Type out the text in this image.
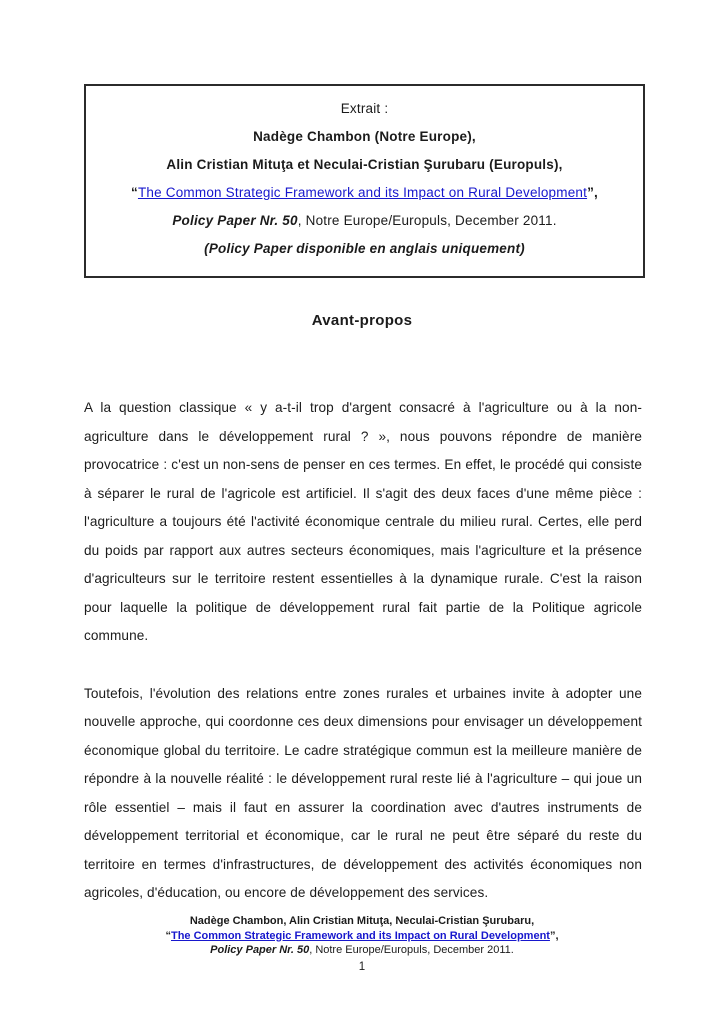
Extrait :
Nadège Chambon (Notre Europe),
Alin Cristian Mituţa et Neculai-Cristian Şurubaru (Europuls),
“The Common Strategic Framework and its Impact on Rural Development”,
Policy Paper Nr. 50, Notre Europe/Europuls, December 2011.
(Policy Paper disponible en anglais uniquement)
Avant-propos

A la question classique « y a-t-il trop d'argent consacré à l'agriculture ou à la non-agriculture dans le développement rural ? », nous pouvons répondre de manière provocatrice : c'est un non-sens de penser en ces termes. En effet, le procédé qui consiste à séparer le rural de l'agricole est artificiel. Il s'agit des deux faces d'une même pièce : l'agriculture a toujours été l'activité économique centrale du milieu rural. Certes, elle perd du poids par rapport aux autres secteurs économiques, mais l'agriculture et la présence d'agriculteurs sur le territoire restent essentielles à la dynamique rurale. C'est la raison pour laquelle la politique de développement rural fait partie de la Politique agricole commune.

Toutefois, l'évolution des relations entre zones rurales et urbaines invite à adopter une nouvelle approche, qui coordonne ces deux dimensions pour envisager un développement économique global du territoire. Le cadre stratégique commun est la meilleure manière de répondre à la nouvelle réalité : le développement rural reste lié à l'agriculture – qui joue un rôle essentiel – mais il faut en assurer la coordination avec d'autres instruments de développement territorial et économique, car le rural ne peut être séparé du reste du territoire en termes d'infrastructures, de développement des activités économiques non agricoles, d'éducation, ou encore de développement des services.

Nadège Chambon, Alin Cristian Mituţa, Neculai-Cristian Şurubaru,
“The Common Strategic Framework and its Impact on Rural Development”,
Policy Paper Nr. 50, Notre Europe/Europuls, December 2011.
1
